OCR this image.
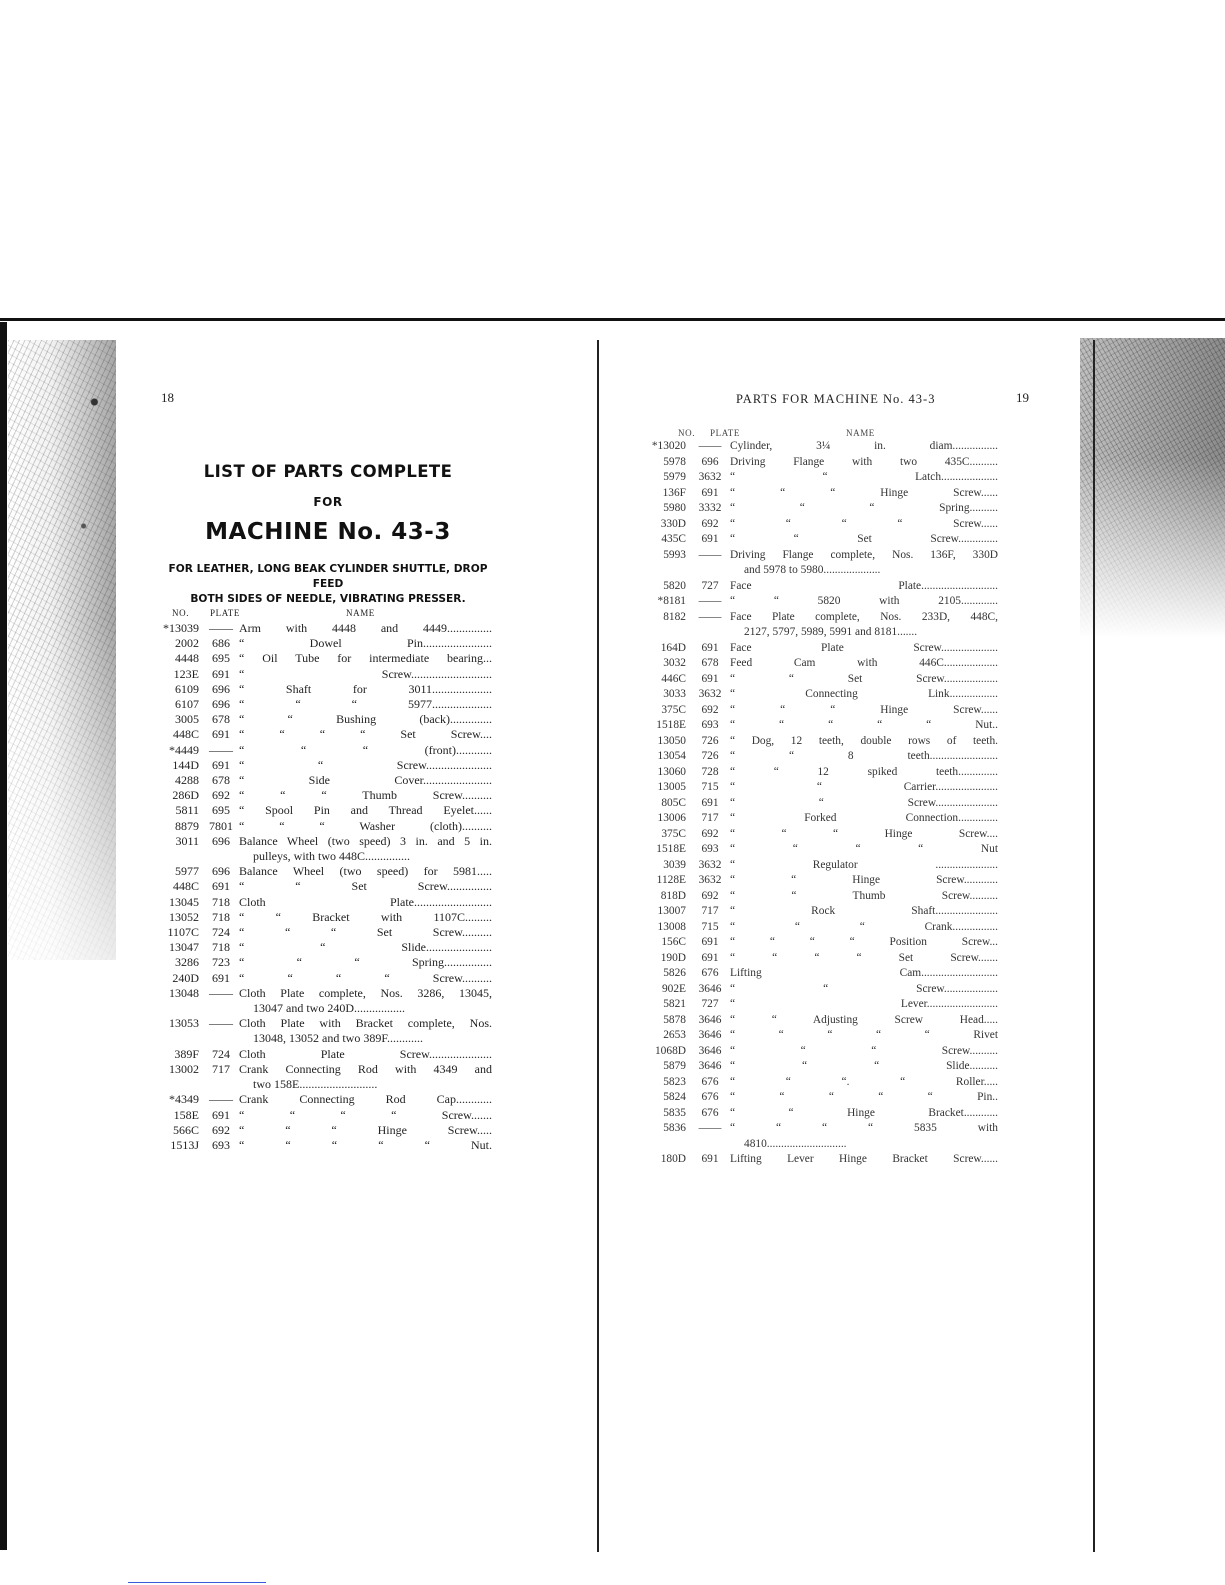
18
LIST OF PARTS COMPLETE
FOR
MACHINE No. 43-3
FOR LEATHER, LONG BEAK CYLINDER SHUTTLE, DROP FEED
BOTH SIDES OF NEEDLE, VIBRATING PRESSER.
NO. PLATE	NAME
*13039 —— Arm with 4448 and 4449...............
2002	686 “ Dowel Pin.......................
4448	695 “ Oil Tube for intermediate bearing...
123E	691 “ Screw...........................
6109	696 “ Shaft for 3011....................
6107	696 “ “ “ 5977....................
3005	678 “ “ Bushing (back)..............
448C	691 “ “ “ “ Set Screw....
*4449 —— “ “ “ (front)............
144D	691 “ “ Screw......................
4288	678 “ Side Cover.......................
286D	692 “ “ “ Thumb Screw..........
5811	695 “ Spool Pin and Thread Eyelet......
8879 7801 “ “ “ Washer (cloth)..........
3011	696 Balance Wheel (two speed) 3 in. and 5 in.
pulleys, with two 448C...............
5977	696 Balance Wheel (two speed) for 5981.....
448C	691 “ “ Set Screw...............
13045	718 Cloth Plate..........................
13052	718 “ “ Bracket with 1107C.........
1107C	724 “ “ “ Set Screw..........
13047	718 “ “ Slide......................
3286	723 “ “ “ Spring................
240D	691 “ “ “ “ Screw..........
13048 —— Cloth Plate complete, Nos. 3286, 13045,
13047 and two 240D.................
13053 —— Cloth Plate with Bracket complete, Nos.
13048, 13052 and two 389F............
389F	724 Cloth Plate Screw.....................
13002	717 Crank Connecting Rod with 4349 and
two 158E..........................
*4349 —— Crank Connecting Rod Cap............
158E	691 “ “ “ “ Screw.......
566C	692 “ “ “ Hinge Screw.....
1513J	693 “ “ “ “ “ Nut.
PARTS FOR MACHINE No. 43-3	19
NO. PLATE	NAME
*13020	—— Cylinder, 3¼ in. diam................
5978	696	Driving Flange with two 435C..........
5979	3632 “ “ Latch....................
136F	691	“ “ “ Hinge Screw......
5980	3332 “ “ “ Spring..........
330D	692	“ “ “ “ Screw......
435C	691	“ “ Set Screw..............
5993	—— Driving Flange complete, Nos. 136F, 330D
and 5978 to 5980....................
5820	727	Face Plate...........................
*8181	—— “ “ 5820 with 2105.............
8182	—— Face Plate complete, Nos. 233D, 448C,
2127, 5797, 5989, 5991 and 8181.......
164D	691	Face Plate Screw....................
3032	678	Feed Cam with 446C...................
446C	691	“ “ Set Screw...................
3033	3632 “ Connecting Link.................
375C	692	“ “ “ Hinge Screw......
1518E	693	“ “ “ “ “ Nut..
13050	726	“ Dog, 12 teeth, double rows of teeth.
13054	726	“ “ 8 teeth........................
13060	728	“ “ 12 spiked teeth..............
13005	715	“ “ Carrier......................
805C	691	“ “ Screw......................
13006	717	“ Forked Connection..............
375C	692	“ “ “ Hinge Screw....
1518E	693	“ “ “ “ Nut
3039	3632 “ Regulator ......................
1128E	3632 “ “ Hinge Screw............
818D	692	“ “ Thumb Screw..........
13007	717	“ Rock Shaft......................
13008	715	“ “ “ Crank................
156C	691	“ “ “ “ Position Screw...
190D	691	“ “ “ “ Set Screw.......
5826	676	Lifting Cam...........................
902E	3646 “ “ Screw...................
5821	727	“ Lever.........................
5878	3646 “ “ Adjusting Screw Head.....
2653	3646 “ “ “ “ “ Rivet
1068D	3646 “ “ “ Screw..........
5879	3646 “ “ “ Slide..........
5823	676	“ “ “. “ Roller.....
5824	676	“ “ “ “ “ Pin..
5835	676	“ “ Hinge Bracket............
5836	—— “ “ “ “ 5835 with
4810............................
180D	691	Lifting Lever Hinge Bracket Screw......
